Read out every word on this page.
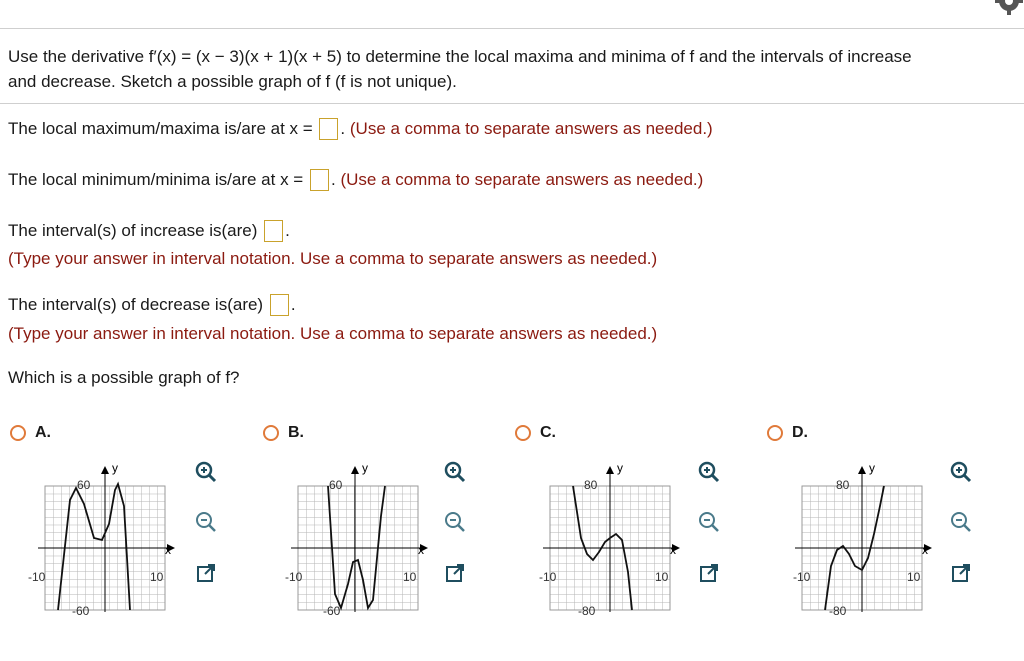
Use the derivative f′(x) = (x − 3)(x + 1)(x + 5) to determine the local maxima and minima of f and the intervals of increase
and decrease. Sketch a possible graph of f (f is not unique).
The local maximum/maxima is/are at x = . (Use a comma to separate answers as needed.)
The local minimum/minima is/are at x = . (Use a comma to separate answers as needed.)
The interval(s) of increase is(are) .
(Type your answer in interval notation. Use a comma to separate answers as needed.)
The interval(s) of decrease is(are) .
(Type your answer in interval notation. Use a comma to separate answers as needed.)
Which is a possible graph of f?
A.
y
x
60
-60
-10	10
B.
y
x
60
-60
-10	10
C.
y
x
80
-80
-10	10
D.
y
x
80
-80
-10	10
